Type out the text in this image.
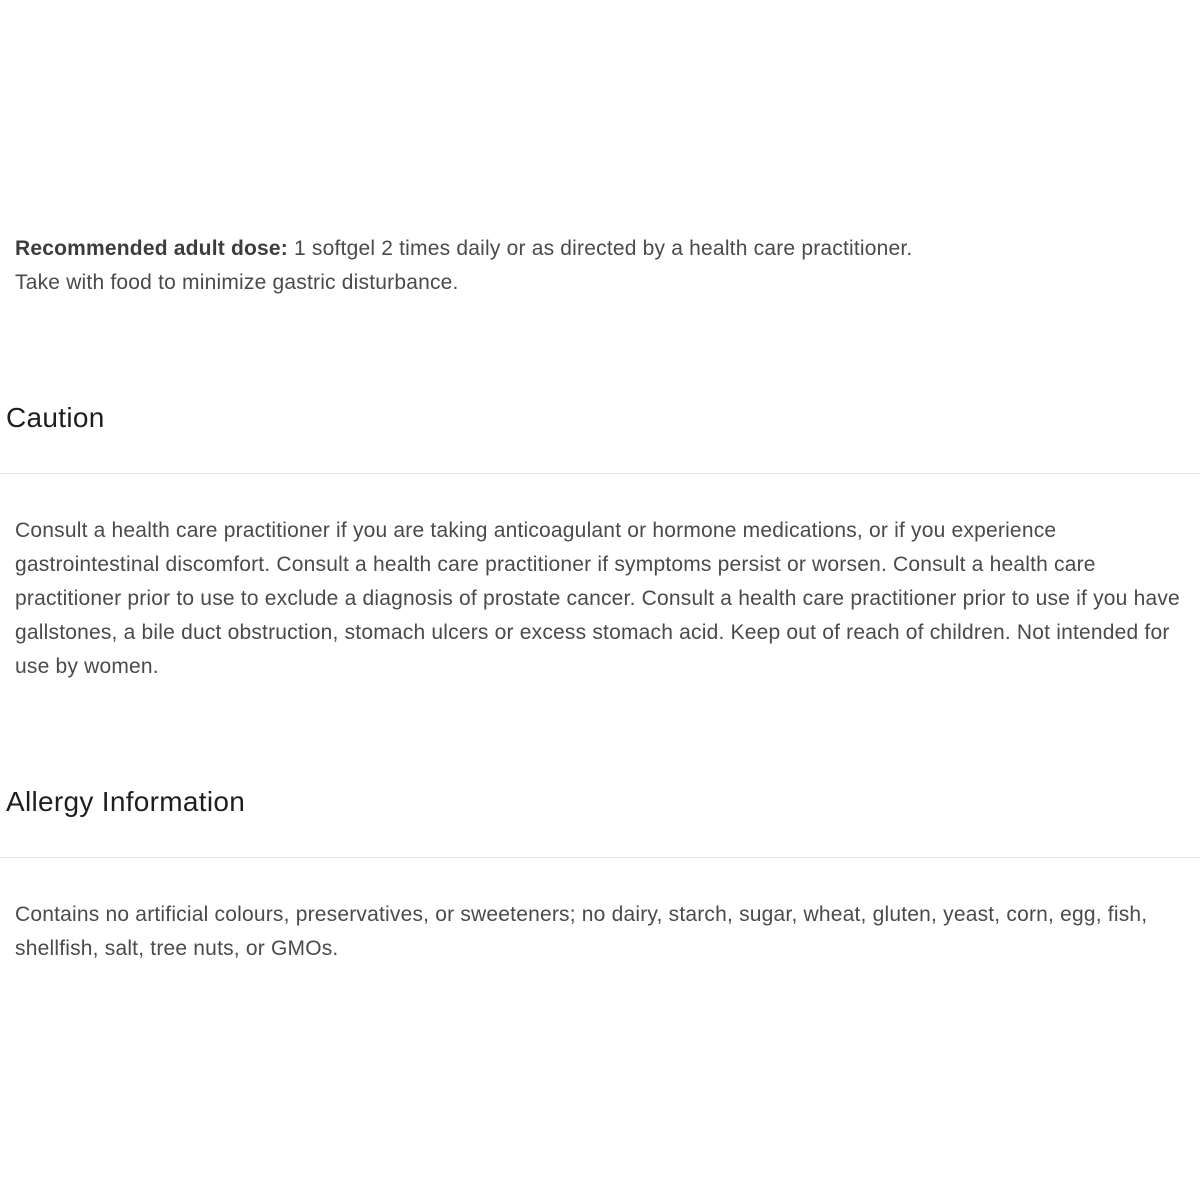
Recommended adult dose: 1 softgel 2 times daily or as directed by a health care practitioner.
Take with food to minimize gastric disturbance.

Caution

Consult a health care practitioner if you are taking anticoagulant or hormone medications, or if you experience gastrointestinal discomfort. Consult a health care practitioner if symptoms persist or worsen. Consult a health care practitioner prior to use to exclude a diagnosis of prostate cancer. Consult a health care practitioner prior to use if you have gallstones, a bile duct obstruction, stomach ulcers or excess stomach acid. Keep out of reach of children. Not intended for use by women.

Allergy Information

Contains no artificial colours, preservatives, or sweeteners; no dairy, starch, sugar, wheat, gluten, yeast, corn, egg, fish, shellfish, salt, tree nuts, or GMOs.
